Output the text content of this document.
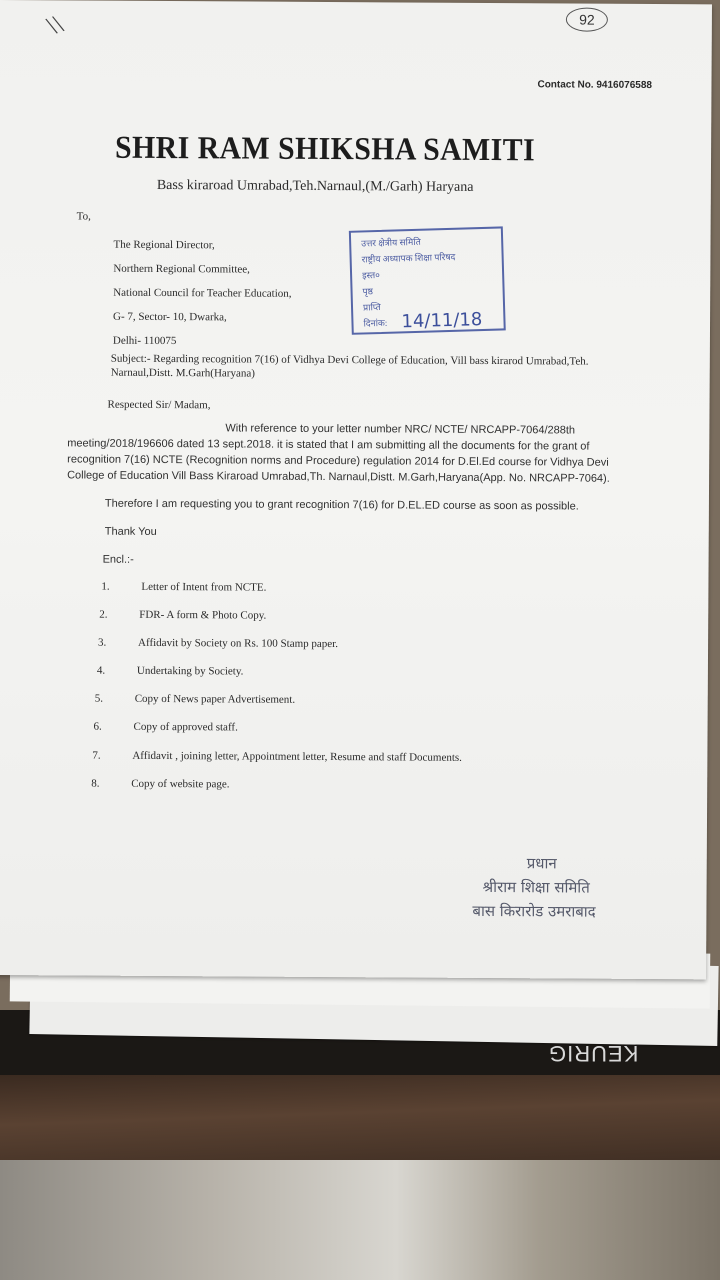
KEURIG
\\	92
Contact No. 9416076588
SHRI RAM SHIKSHA SAMITI
Bass kiraroad Umrabad,Teh.Narnaul,(M./Garh) Haryana
To,
The Regional Director,
Northern Regional Committee,
National Council for Teacher Education,
G- 7, Sector- 10, Dwarka,
Delhi- 110075
उत्तर क्षेत्रीय समिति
राष्ट्रीय अध्यापक शिक्षा परिषद
इस्त०
पृष्ठ
प्राप्ति
दिनांक: 14/11/18
Subject:- Regarding recognition 7(16) of Vidhya Devi College of Education, Vill bass kirarod Umrabad,Teh.
Narnaul,Distt. M.Garh(Haryana)
Respected Sir/ Madam,
With reference to your letter number NRC/ NCTE/ NRCAPP-7064/288th
meeting/2018/196606 dated 13 sept.2018. it is stated that I am submitting all the documents for the grant of
recognition 7(16) NCTE (Recognition norms and Procedure) regulation 2014 for D.El.Ed course for Vidhya Devi
College of Education Vill Bass Kiraroad Umrabad,Th. Narnaul,Distt. M.Garh,Haryana(App. No. NRCAPP-7064).
Therefore I am requesting you to grant recognition 7(16) for D.EL.ED course as soon as possible.
Thank You
Encl.:-
1.	Letter of Intent from NCTE.
2.	FDR- A form & Photo Copy.
3.	Affidavit by Society on Rs. 100 Stamp paper.
4.	Undertaking by Society.
5.	Copy of News paper Advertisement.
6.	Copy of approved staff.
7.	Affidavit , joining letter, Appointment letter, Resume and staff Documents.
8.	Copy of website page.
प्रधान
श्रीराम शिक्षा समिति
बास किरारोड उमराबाद
